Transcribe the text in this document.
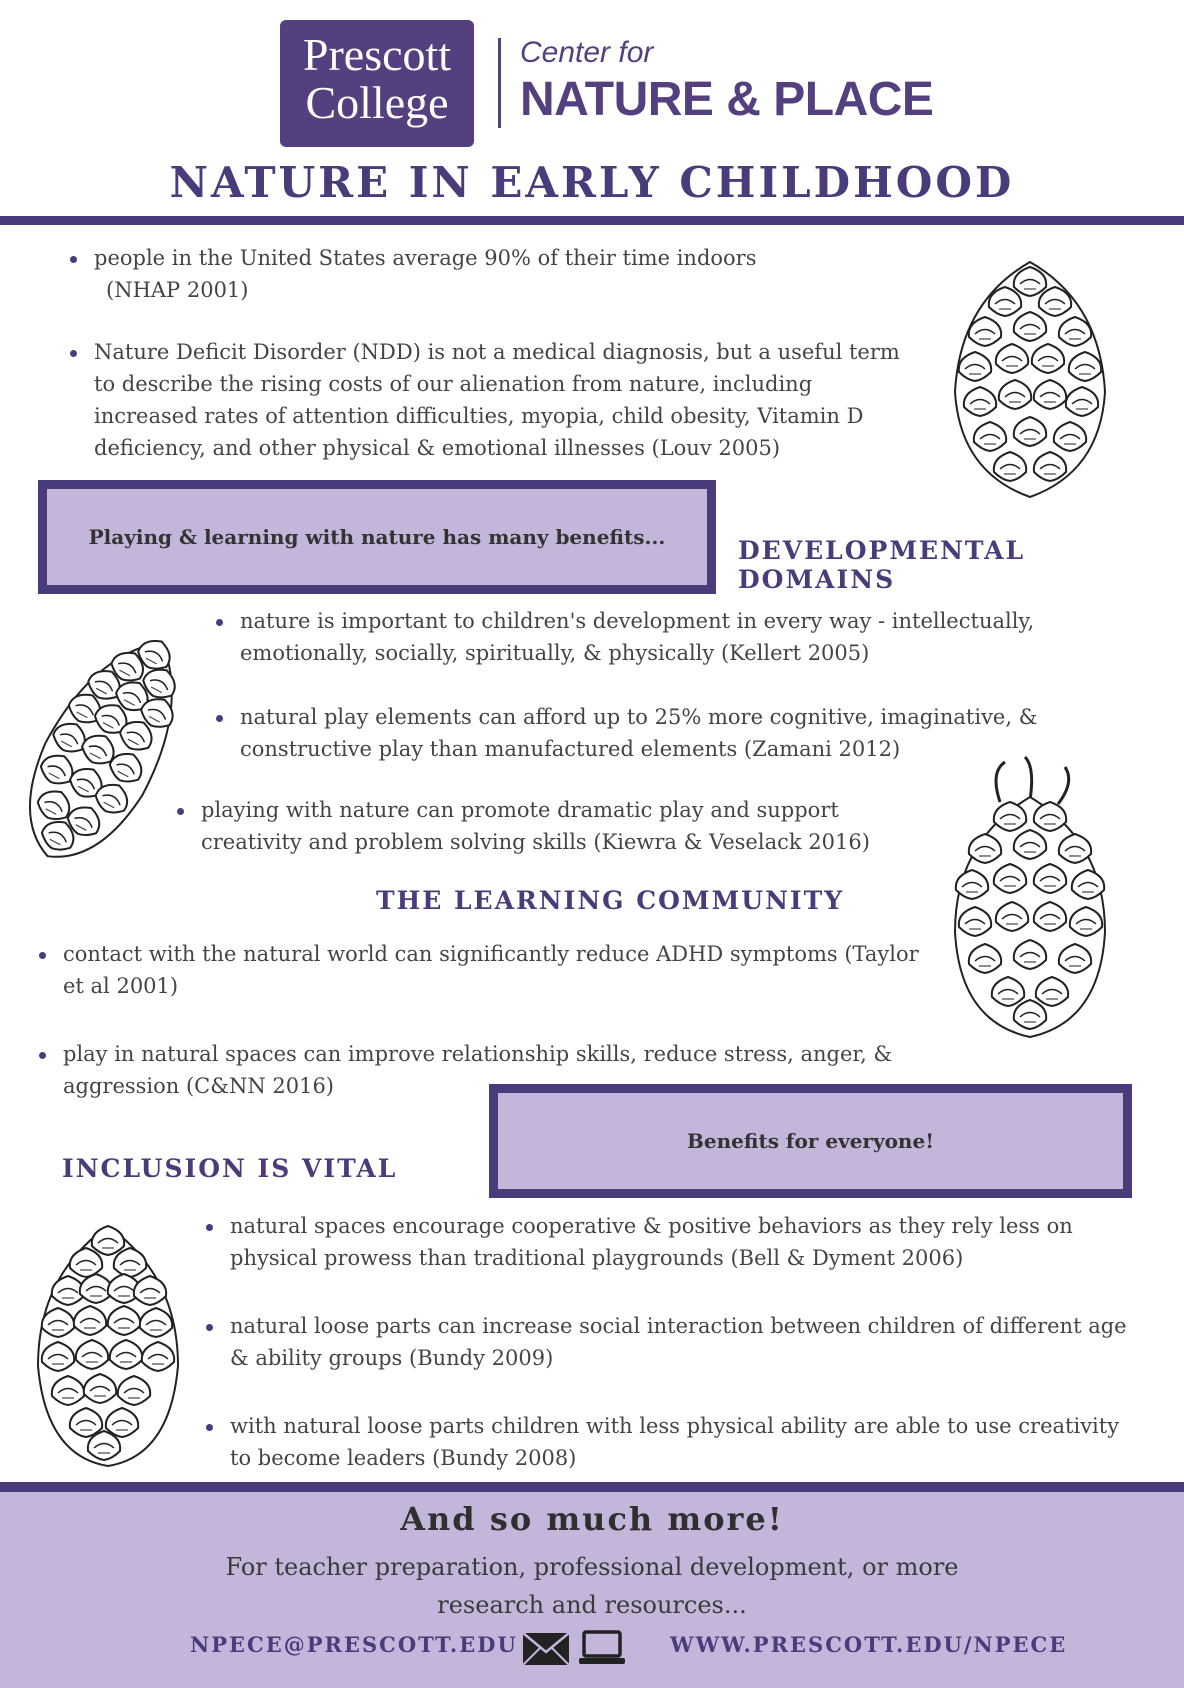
Prescott
College
Center for
NATURE & PLACE
NATURE IN EARLY CHILDHOOD
people in the United States average 90% of their time indoors
(NHAP 2001)
Nature Deficit Disorder (NDD) is not a medical diagnosis, but a useful term to describe the rising costs of our alienation from nature, including increased rates of attention difficulties, myopia, child obesity, Vitamin D deficiency, and other physical & emotional illnesses (Louv 2005)
Playing & learning with nature has many benefits...	DEVELOPMENTAL DOMAINS
nature is important to children's development in every way - intellectually, emotionally, socially, spiritually, & physically (Kellert 2005)
natural play elements can afford up to 25% more cognitive, imaginative, & constructive play than manufactured elements (Zamani 2012)
playing with nature can promote dramatic play and support creativity and problem solving skills (Kiewra & Veselack 2016)
THE LEARNING COMMUNITY
contact with the natural world can significantly reduce ADHD symptoms (Taylor et al 2001)
play in natural spaces can improve relationship skills, reduce stress, anger, & aggression (C&NN 2016)
Benefits for everyone!
INCLUSION IS VITAL
natural spaces encourage cooperative & positive behaviors as they rely less on physical prowess than traditional playgrounds (Bell & Dyment 2006)
natural loose parts can increase social interaction between children of different age & ability groups (Bundy 2009)
with natural loose parts children with less physical ability are able to use creativity to become leaders (Bundy 2008)
And so much more!
For teacher preparation, professional development, or more
research and resources...
NPECE@PRESCOTT.EDU	WWW.PRESCOTT.EDU/NPECE
